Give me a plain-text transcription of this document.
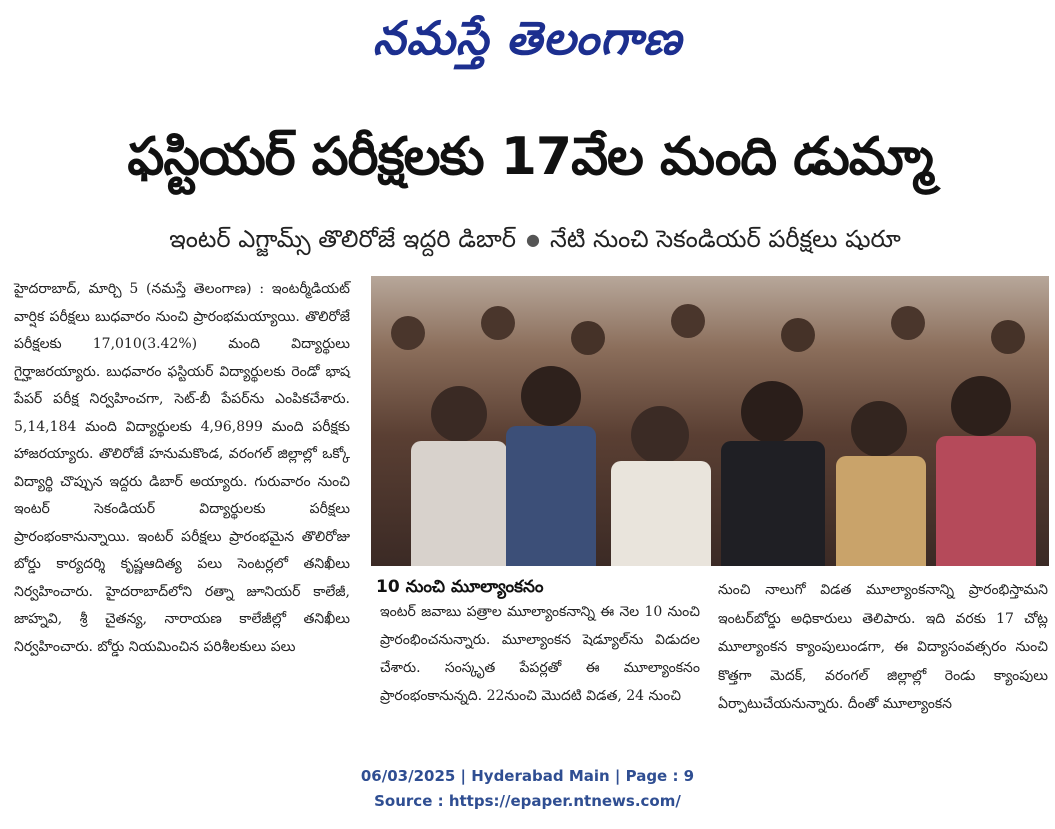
నమస్తే తెలంగాణ
ఫస్టియర్ పరీక్షలకు 17వేల మంది డుమ్మా
ఇంటర్ ఎగ్జామ్స్ తొలిరోజే ఇద్దరి డిబార్ ● నేటి నుంచి సెకండియర్ పరీక్షలు షురూ

హైదరాబాద్, మార్చి 5 (నమస్తే తెలంగాణ) : ఇంటర్మీడియట్ వార్షిక పరీక్షలు బుధవారం నుంచి ప్రారంభమయ్యాయి. తొలిరోజే పరీక్షలకు 17,010(3.42%) మంది విద్యార్థులు గైర్హాజరయ్యారు. బుధవారం ఫస్టియర్ విద్యార్థులకు రెండో భాష పేపర్ పరీక్ష నిర్వహించగా, సెట్-బీ పేపర్‌ను ఎంపికచేశారు. 5,14,184 మంది విద్యార్థులకు 4,96,899 మంది పరీక్షకు హాజరయ్యారు. తొలిరోజే హనుమకొండ, వరంగల్ జిల్లాల్లో ఒక్కో విద్యార్థి చొప్పున ఇద్దరు డిబార్ అయ్యారు. గురువారం నుంచి ఇంటర్ సెకండియర్ విద్యార్థులకు పరీక్షలు ప్రారంభంకానున్నాయి. ఇంటర్ పరీక్షలు ప్రారంభమైన తొలిరోజు బోర్డు కార్యదర్శి కృష్ణఆదిత్య పలు సెంటర్లలో తనిఖీలు నిర్వహించారు. హైదరాబాద్‌లోని రత్నా జూనియర్ కాలేజీ, జాహ్నవి, శ్రీ చైతన్య, నారాయణ కాలేజీల్లో తనిఖీలు నిర్వహించారు. బోర్డు నియమించిన పరిశీలకులు పలు

10 నుంచి మూల్యాంకనం

ఇంటర్ జవాబు పత్రాల మూల్యాంకనాన్ని ఈ నెల 10 నుంచి ప్రారంభించనున్నారు. మూల్యాంకన షెడ్యూల్‌ను విడుదల చేశారు. సంస్కృత పేపర్లతో ఈ మూల్యాంకనం ప్రారంభంకానున్నది. 22నుంచి మొదటి విడత, 24 నుంచి

నుంచి నాలుగో విడత మూల్యాంకనాన్ని ప్రారంభిస్తామని ఇంటర్‌బోర్డు అధికారులు తెలిపారు. ఇది వరకు 17 చోట్ల మూల్యాంకన క్యాంపులుండగా, ఈ విద్యాసంవత్సరం నుంచి కొత్తగా మెదక్, వరంగల్ జిల్లాల్లో రెండు క్యాంపులు ఏర్పాటుచేయనున్నారు. దీంతో మూల్యాంకన

06/03/2025 | Hyderabad Main | Page : 9
Source : https://epaper.ntnews.com/
